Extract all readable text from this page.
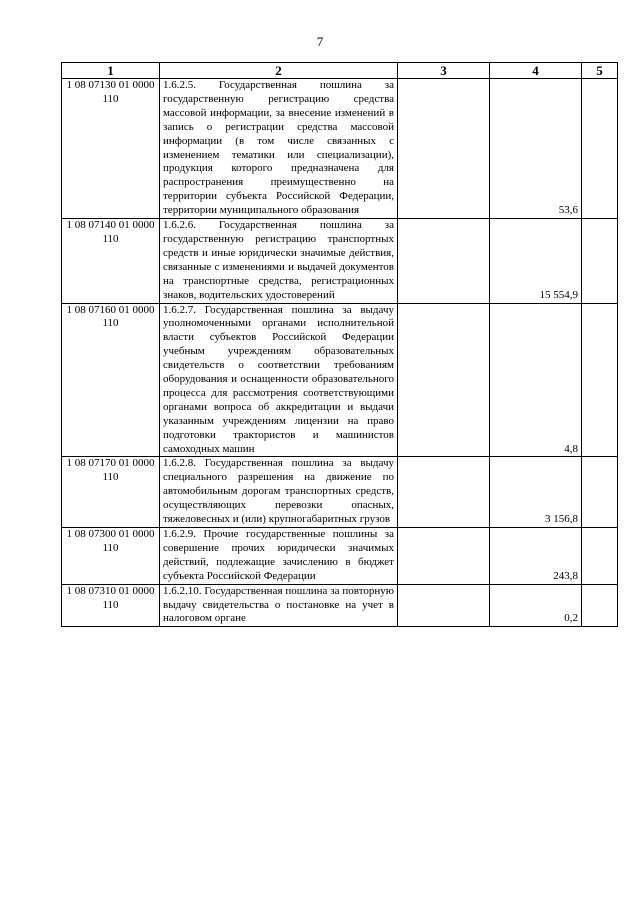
7
1	2	3	4	5
1 08 07130 01 0000 110	1.6.2.5. Государственная пошлина за государственную регистрацию средства массовой информации, за внесение изменений в запись о регистрации средства массовой информации (в том числе связанных с изменением тематики или специализации), продукция которого предназначена для распространения преимущественно на территории субъекта Российской Федерации, территории муниципального образования		53,6	
1 08 07140 01 0000 110	1.6.2.6. Государственная пошлина за государственную регистрацию транспортных средств и иные юридически значимые действия, связанные с изменениями и выдачей документов на транспортные средства, регистрационных знаков, водительских удостоверений		15 554,9	
1 08 07160 01 0000 110	1.6.2.7. Государственная пошлина за выдачу уполномоченными органами исполнительной власти субъектов Российской Федерации учебным учреждениям образовательных свидетельств о соответствии требованиям оборудования и оснащенности образовательного процесса для рассмотрения соответствующими органами вопроса об аккредитации и выдачи указанным учреждениям лицензии на право подготовки трактористов и машинистов самоходных машин		4,8	
1 08 07170 01 0000 110	1.6.2.8. Государственная пошлина за выдачу специального разрешения на движение по автомобильным дорогам транспортных средств, осуществляющих перевозки опасных, тяжеловесных и (или) крупногабаритных грузов		3 156,8	
1 08 07300 01 0000 110	1.6.2.9. Прочие государственные пошлины за совершение прочих юридически значимых действий, подлежащие зачислению в бюджет субъекта Российской Федерации		243,8	
1 08 07310 01 0000 110	1.6.2.10. Государственная пошлина за повторную выдачу свидетельства о постановке на учет в налоговом органе		0,2	
